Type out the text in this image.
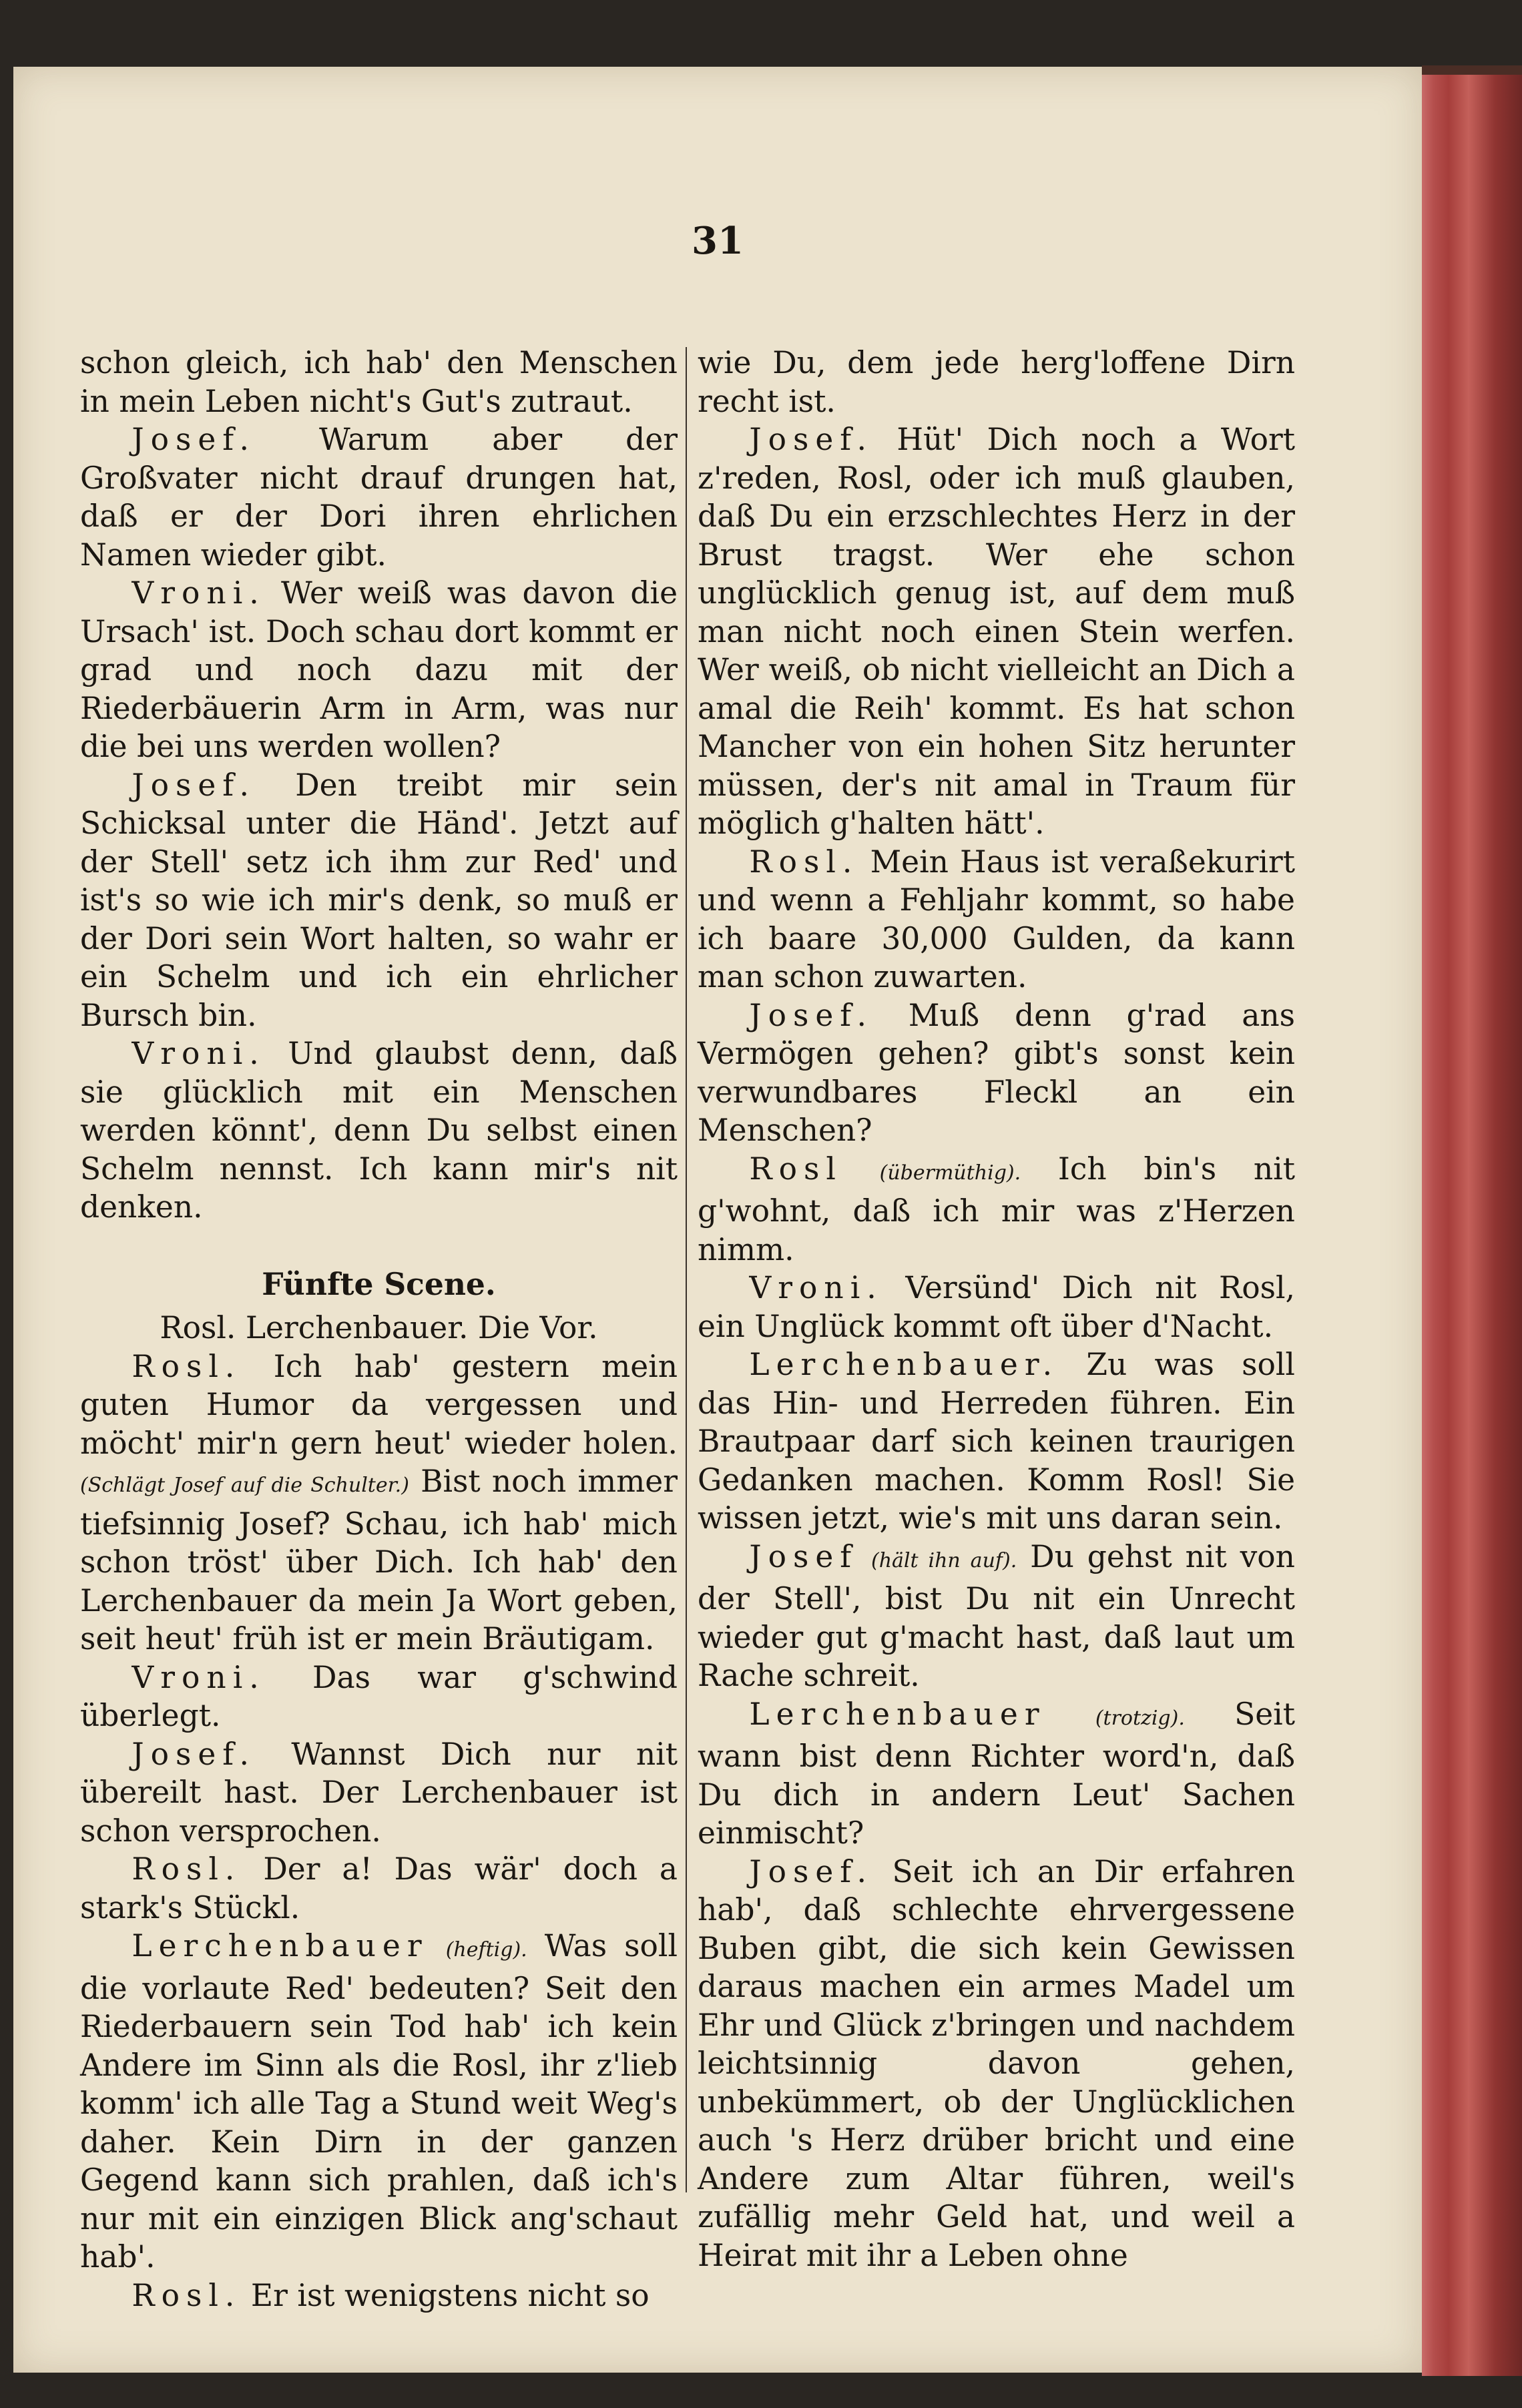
31

schon gleich, ich hab' den Menschen in mein Leben nicht's Gut's zutraut.

Josef. Warum aber der Großvater nicht drauf drungen hat, daß er der Dori ihren ehrlichen Namen wieder gibt.

Vroni. Wer weiß was davon die Ursach' ist. Doch schau dort kommt er grad und noch dazu mit der Riederbäuerin Arm in Arm, was nur die bei uns werden wollen?

Josef. Den treibt mir sein Schicksal unter die Händ'. Jetzt auf der Stell' setz ich ihm zur Red' und ist's so wie ich mir's denk, so muß er der Dori sein Wort halten, so wahr er ein Schelm und ich ein ehrlicher Bursch bin.

Vroni. Und glaubst denn, daß sie glücklich mit ein Menschen werden könnt', denn Du selbst einen Schelm nennst. Ich kann mir's nit denken.

Fünfte Scene.

Rosl. Lerchenbauer. Die Vor.

Rosl. Ich hab' gestern mein guten Humor da vergessen und möcht' mir'n gern heut' wieder holen. (Schlägt Josef auf die Schulter.) Bist noch immer tiefsinnig Josef? Schau, ich hab' mich schon tröst' über Dich. Ich hab' den Lerchenbauer da mein Ja Wort geben, seit heut' früh ist er mein Bräutigam.

Vroni. Das war g'schwind überlegt.

Josef. Wannst Dich nur nit übereilt hast. Der Lerchenbauer ist schon versprochen.

Rosl. Der a! Das wär' doch a stark's Stückl.

Lerchenbauer (heftig). Was soll die vorlaute Red' bedeuten? Seit den Riederbauern sein Tod hab' ich kein Andere im Sinn als die Rosl, ihr z'lieb komm' ich alle Tag a Stund weit Weg's daher. Kein Dirn in der ganzen Gegend kann sich prahlen, daß ich's nur mit ein einzigen Blick ang'schaut hab'.

Rosl. Er ist wenigstens nicht so

wie Du, dem jede herg'loffene Dirn recht ist.

Josef. Hüt' Dich noch a Wort z'reden, Rosl, oder ich muß glauben, daß Du ein erzschlechtes Herz in der Brust tragst. Wer ehe schon unglücklich genug ist, auf dem muß man nicht noch einen Stein werfen. Wer weiß, ob nicht vielleicht an Dich a amal die Reih' kommt. Es hat schon Mancher von ein hohen Sitz herunter müssen, der's nit amal in Traum für möglich g'halten hätt'.

Rosl. Mein Haus ist veraßekurirt und wenn a Fehljahr kommt, so habe ich baare 30,000 Gulden, da kann man schon zuwarten.

Josef. Muß denn g'rad ans Vermögen gehen? gibt's sonst kein verwundbares Fleckl an ein Menschen?

Rosl (übermüthig). Ich bin's nit g'wohnt, daß ich mir was z'Herzen nimm.

Vroni. Versünd' Dich nit Rosl, ein Unglück kommt oft über d'Nacht.

Lerchenbauer. Zu was soll das Hin- und Herreden führen. Ein Brautpaar darf sich keinen traurigen Gedanken machen. Komm Rosl! Sie wissen jetzt, wie's mit uns daran sein.

Josef (hält ihn auf). Du gehst nit von der Stell', bist Du nit ein Unrecht wieder gut g'macht hast, daß laut um Rache schreit.

Lerchenbauer (trotzig). Seit wann bist denn Richter word'n, daß Du dich in andern Leut' Sachen einmischt?

Josef. Seit ich an Dir erfahren hab', daß schlechte ehrvergessene Buben gibt, die sich kein Gewissen daraus machen ein armes Madel um Ehr und Glück z'bringen und nachdem leichtsinnig davon gehen, unbekümmert, ob der Unglücklichen auch 's Herz drüber bricht und eine Andere zum Altar führen, weil's zufällig mehr Geld hat, und weil a Heirat mit ihr a Leben ohne
